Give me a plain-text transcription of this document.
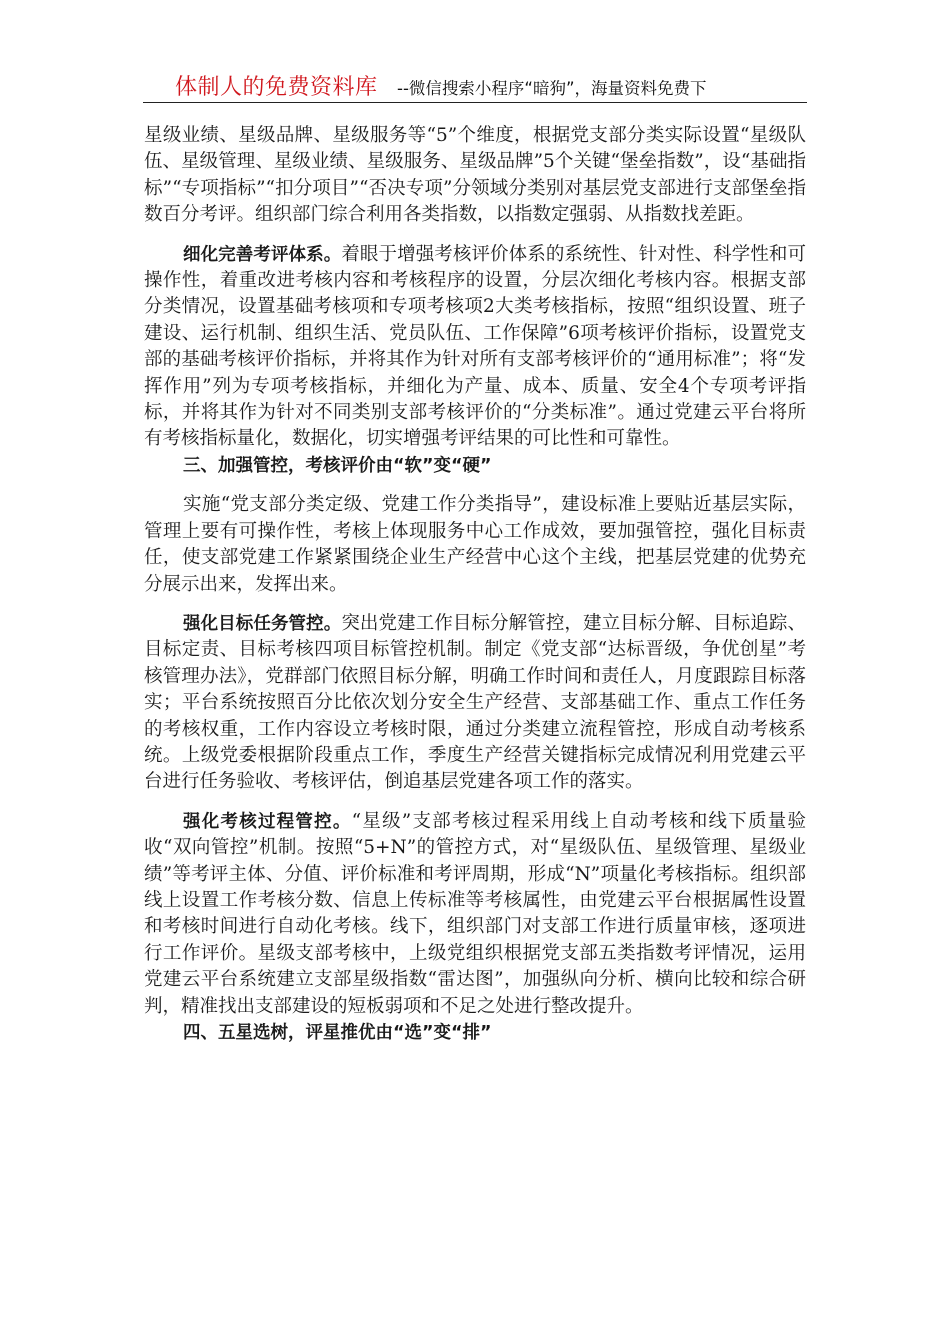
体制人的免费资料库 --微信搜索小程序“暗狗”，海量资料免费下

星级业绩、星级品牌、星级服务等“5”个维度，根据党支部分类实际设置“星级队伍、星级管理、星级业绩、星级服务、星级品牌”5个关键“堡垒指数”，设“基础指标”“专项指标”“扣分项目”“否决专项”分领域分类别对基层党支部进行支部堡垒指数百分考评。组织部门综合利用各类指数，以指数定强弱、从指数找差距。

细化完善考评体系。着眼于增强考核评价体系的系统性、针对性、科学性和可操作性，着重改进考核内容和考核程序的设置，分层次细化考核内容。根据支部分类情况，设置基础考核项和专项考核项2大类考核指标，按照“组织设置、班子建设、运行机制、组织生活、党员队伍、工作保障”6项考核评价指标，设置党支部的基础考核评价指标，并将其作为针对所有支部考核评价的“通用标准”；将“发挥作用”列为专项考核指标，并细化为产量、成本、质量、安全4个专项考评指标，并将其作为针对不同类别支部考核评价的“分类标准”。通过党建云平台将所有考核指标量化，数据化，切实增强考评结果的可比性和可靠性。

三、加强管控，考核评价由“软”变“硬”

实施“党支部分类定级、党建工作分类指导”，建设标准上要贴近基层实际，管理上要有可操作性，考核上体现服务中心工作成效，要加强管控，强化目标责任，使支部党建工作紧紧围绕企业生产经营中心这个主线，把基层党建的优势充分展示出来，发挥出来。

强化目标任务管控。突出党建工作目标分解管控，建立目标分解、目标追踪、目标定责、目标考核四项目标管控机制。制定《党支部“达标晋级，争优创星”考核管理办法》，党群部门依照目标分解，明确工作时间和责任人，月度跟踪目标落实；平台系统按照百分比依次划分安全生产经营、支部基础工作、重点工作任务的考核权重，工作内容设立考核时限，通过分类建立流程管控，形成自动考核系统。上级党委根据阶段重点工作，季度生产经营关键指标完成情况利用党建云平台进行任务验收、考核评估，倒追基层党建各项工作的落实。

强化考核过程管控。“星级”支部考核过程采用线上自动考核和线下质量验收“双向管控”机制。按照“5+N”的管控方式，对“星级队伍、星级管理、星级业绩”等考评主体、分值、评价标准和考评周期，形成“N”项量化考核指标。组织部线上设置工作考核分数、信息上传标准等考核属性，由党建云平台根据属性设置和考核时间进行自动化考核。线下，组织部门对支部工作进行质量审核，逐项进行工作评价。星级支部考核中，上级党组织根据党支部五类指数考评情况，运用党建云平台系统建立支部星级指数“雷达图”，加强纵向分析、横向比较和综合研判，精准找出支部建设的短板弱项和不足之处进行整改提升。

四、五星选树，评星推优由“选”变“排”
